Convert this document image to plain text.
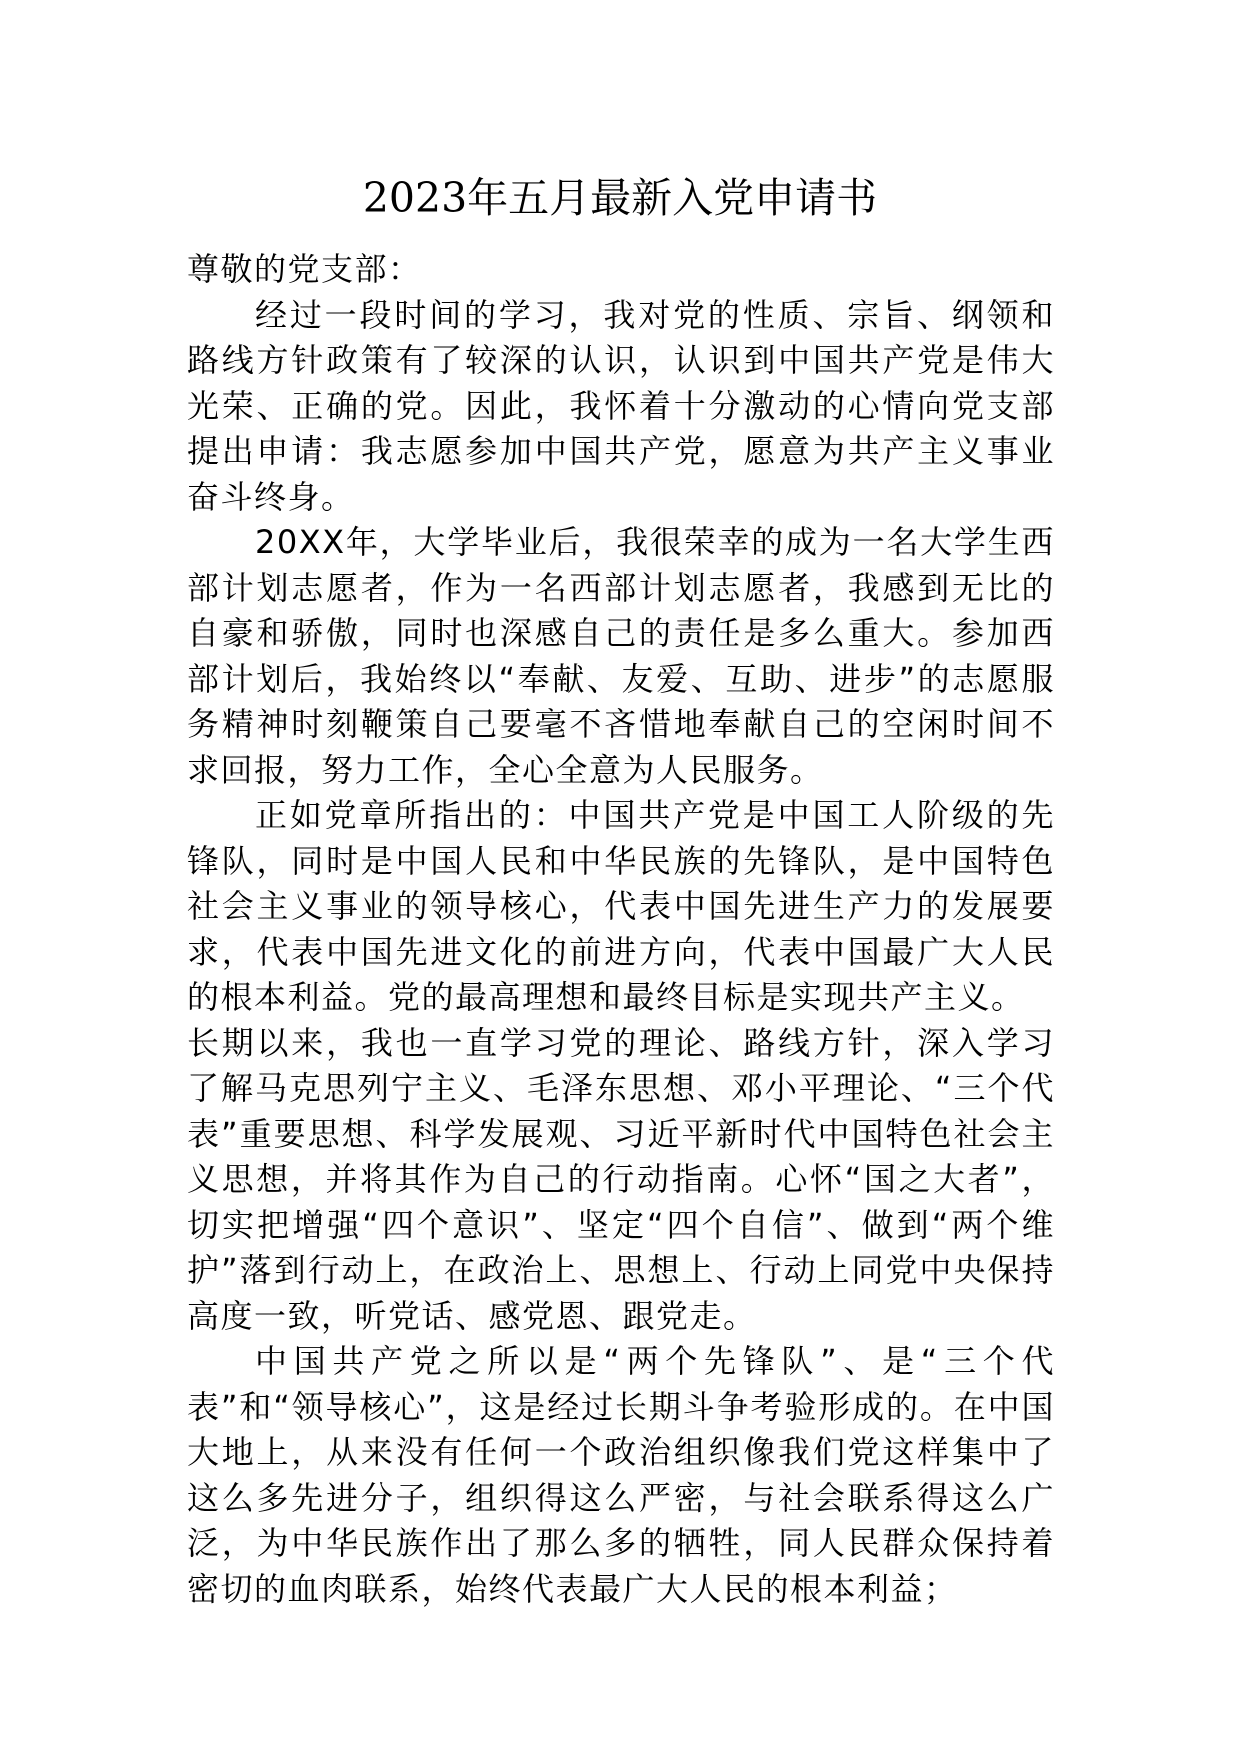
2023年五月最新入党申请书

尊敬的党支部：

经过一段时间的学习，我对党的性质、宗旨、纲领和路线方针政策有了较深的认识，认识到中国共产党是伟大光荣、正确的党。因此，我怀着十分激动的心情向党支部提出申请：我志愿参加中国共产党，愿意为共产主义事业奋斗终身。

20XX年，大学毕业后，我很荣幸的成为一名大学生西部计划志愿者，作为一名西部计划志愿者，我感到无比的自豪和骄傲，同时也深感自己的责任是多么重大。参加西部计划后，我始终以“奉献、友爱、互助、进步”的志愿服务精神时刻鞭策自己要毫不吝惜地奉献自己的空闲时间不求回报，努力工作，全心全意为人民服务。

正如党章所指出的：中国共产党是中国工人阶级的先锋队，同时是中国人民和中华民族的先锋队，是中国特色社会主义事业的领导核心，代表中国先进生产力的发展要求，代表中国先进文化的前进方向，代表中国最广大人民的根本利益。党的最高理想和最终目标是实现共产主义。

长期以来，我也一直学习党的理论、路线方针，深入学习了解马克思列宁主义、毛泽东思想、邓小平理论、“三个代表”重要思想、科学发展观、习近平新时代中国特色社会主义思想，并将其作为自己的行动指南。心怀“国之大者”，切实把增强“四个意识”、坚定“四个自信”、做到“两个维护”落到行动上，在政治上、思想上、行动上同党中央保持高度一致，听党话、感党恩、跟党走。

中国共产党之所以是“两个先锋队”、是“三个代表”和“领导核心”，这是经过长期斗争考验形成的。在中国大地上，从来没有任何一个政治组织像我们党这样集中了这么多先进分子，组织得这么严密，与社会联系得这么广泛，为中华民族作出了那么多的牺牲，同人民群众保持着密切的血肉联系，始终代表最广大人民的根本利益；
